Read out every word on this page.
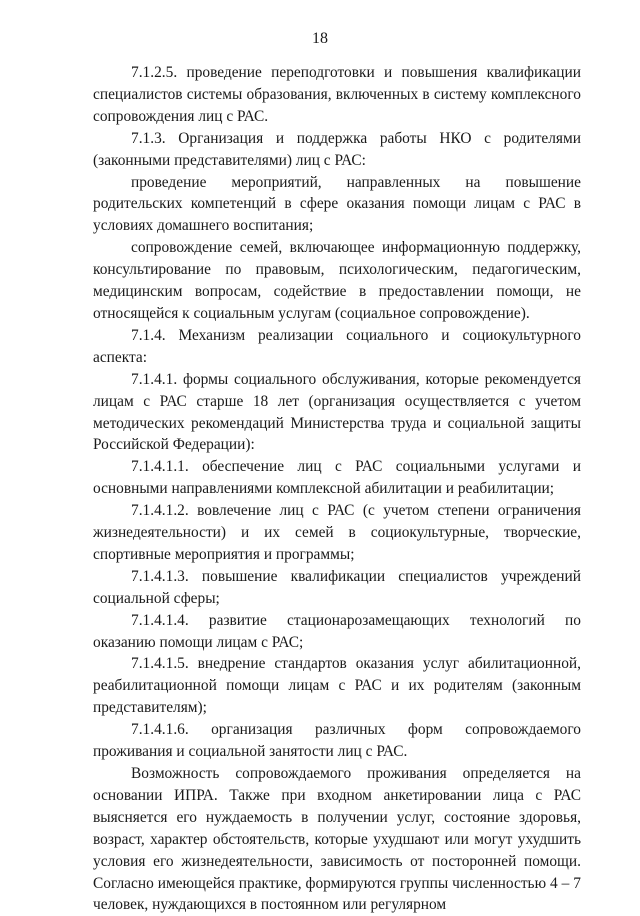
18

7.1.2.5. проведение переподготовки и повышения квалификации специалистов системы образования, включенных в систему комплексного сопровождения лиц с РАС.

7.1.3. Организация и поддержка работы НКО с родителями (законными представителями) лиц с РАС:

проведение мероприятий, направленных на повышение родительских компетенций в сфере оказания помощи лицам с РАС в условиях домашнего воспитания;

сопровождение семей, включающее информационную поддержку, консультирование по правовым, психологическим, педагогическим, медицинским вопросам, содействие в предоставлении помощи, не относящейся к социальным услугам (социальное сопровождение).

7.1.4. Механизм реализации социального и социокультурного аспекта:

7.1.4.1. формы социального обслуживания, которые рекомендуется лицам с РАС старше 18 лет (организация осуществляется с учетом методических рекомендаций Министерства труда и социальной защиты Российской Федерации):

7.1.4.1.1. обеспечение лиц с РАС социальными услугами и основными направлениями комплексной абилитации и реабилитации;

7.1.4.1.2. вовлечение лиц с РАС (с учетом степени ограничения жизнедеятельности) и их семей в социокультурные, творческие, спортивные мероприятия и программы;

7.1.4.1.3. повышение квалификации специалистов учреждений социальной сферы;

7.1.4.1.4. развитие стационарозамещающих технологий по оказанию помощи лицам с РАС;

7.1.4.1.5. внедрение стандартов оказания услуг абилитационной, реабилитационной помощи лицам с РАС и их родителям (законным представителям);

7.1.4.1.6. организация различных форм сопровождаемого проживания и социальной занятости лиц с РАС.

Возможность сопровождаемого проживания определяется на основании ИПРА. Также при входном анкетировании лица с РАС выясняется его нуждаемость в получении услуг, состояние здоровья, возраст, характер обстоятельств, которые ухудшают или могут ухудшить условия его жизнедеятельности, зависимость от посторонней помощи. Согласно имеющейся практике, формируются группы численностью 4 – 7 человек, нуждающихся в постоянном или регулярном
